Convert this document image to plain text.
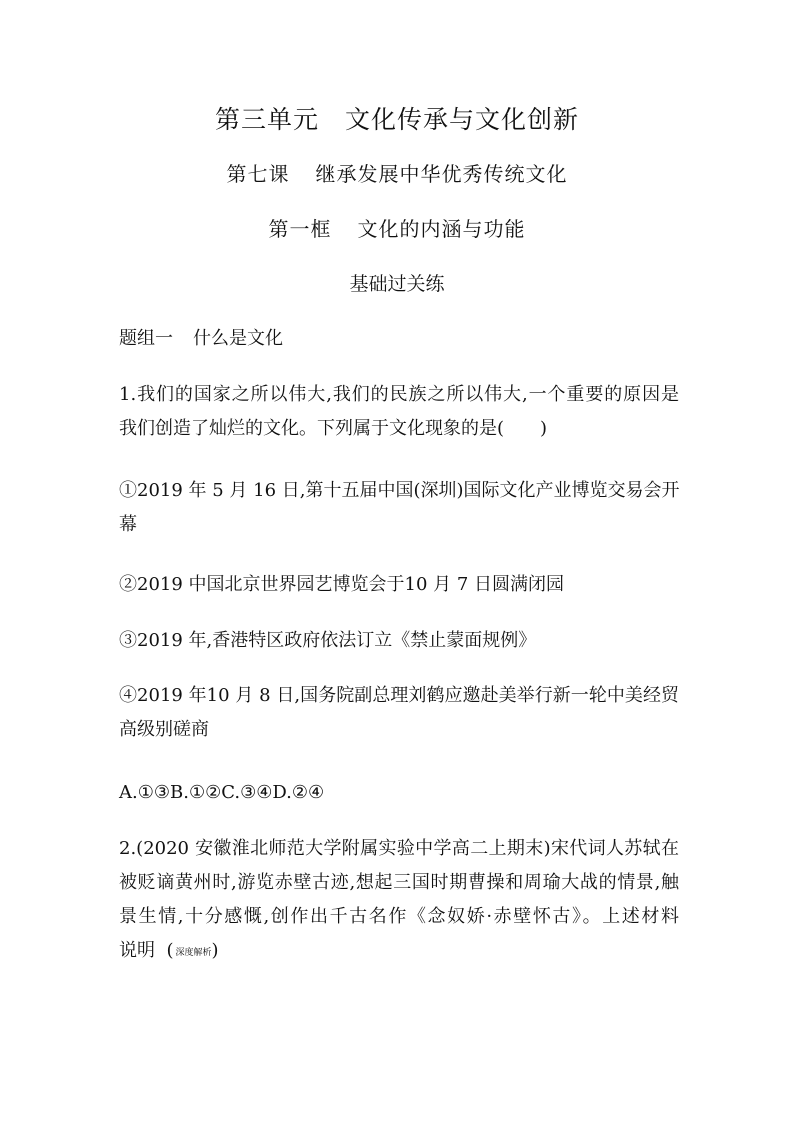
第三单元 文化传承与文化创新
第七课 继承发展中华优秀传统文化
第一框 文化的内涵与功能
基础过关练
题组一 什么是文化
1.我们的国家之所以伟大,我们的民族之所以伟大,一个重要的原因是
我们创造了灿烂的文化。下列属于文化现象的是(　　)
①2019 年 5 月 16 日,第十五届中国(深圳)国际文化产业博览交易会开
幕
②2019 中国北京世界园艺博览会于10 月 7 日圆满闭园
③2019 年,香港特区政府依法订立《禁止蒙面规例》
④2019 年10 月 8 日,国务院副总理刘鹤应邀赴美举行新一轮中美经贸
高级别磋商
A.①③B.①②C.③④D.②④
2.(2020 安徽淮北师范大学附属实验中学高二上期末)宋代词人苏轼在
被贬谪黄州时,游览赤壁古迹,想起三国时期曹操和周瑜大战的情景,触
景生情,十分感慨,创作出千古名作《念奴娇·赤壁怀古》。上述材料
说明  ( 深度解析)
